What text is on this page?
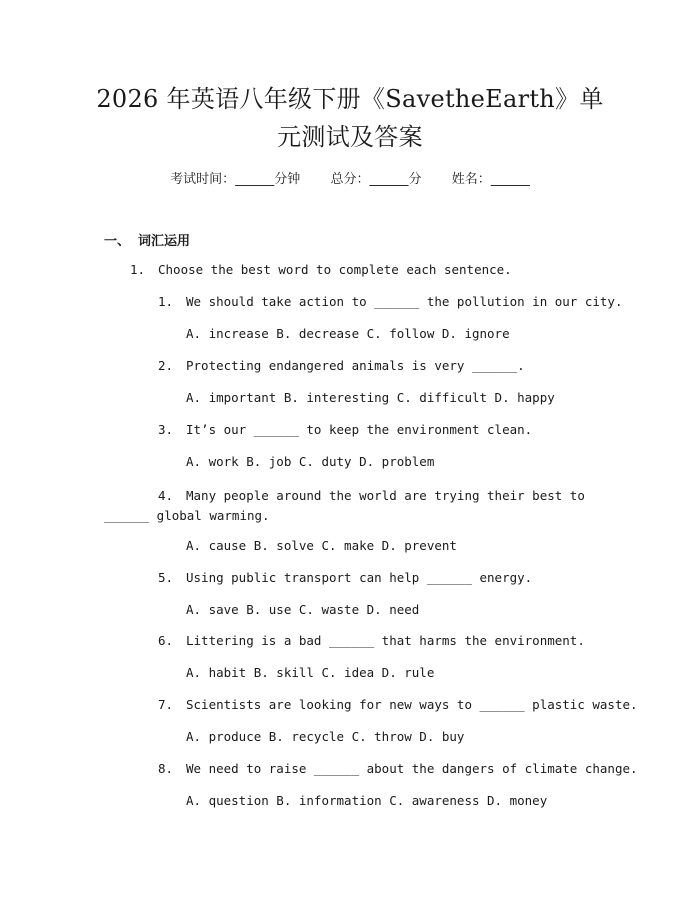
2026 年英语八年级下册《SavetheEarth》单
元测试及答案
考试时间：______分钟 总分：______分 姓名：______
一、 词汇运用
1. Choose the best word to complete each sentence.
1. We should take action to ______ the pollution in our city.
A. increase B. decrease C. follow D. ignore
2. Protecting endangered animals is very ______.
A. important B. interesting C. difficult D. happy
3. It’s our ______ to keep the environment clean.
A. work B. job C. duty D. problem
4. Many people around the world are trying their best to ______ global warming.
A. cause B. solve C. make D. prevent
5. Using public transport can help ______ energy.
A. save B. use C. waste D. need
6. Littering is a bad ______ that harms the environment.
A. habit B. skill C. idea D. rule
7. Scientists are looking for new ways to ______ plastic waste.
A. produce B. recycle C. throw D. buy
8. We need to raise ______ about the dangers of climate change.
A. question B. information C. awareness D. money
